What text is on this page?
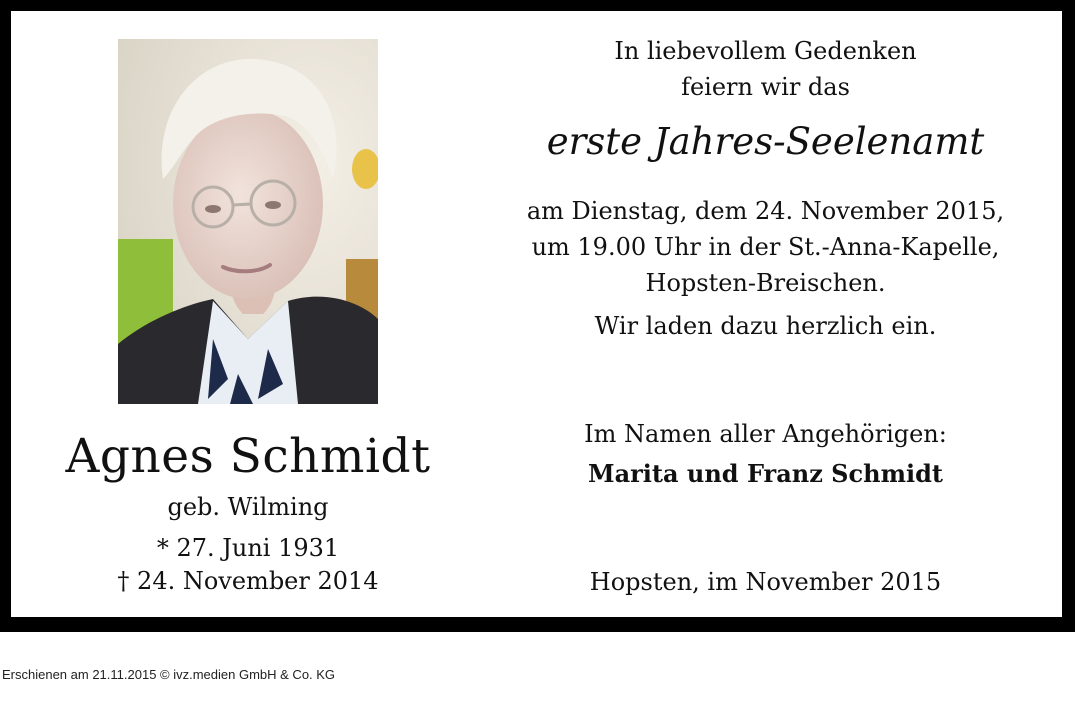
Agnes Schmidt
geb. Wilming
* 27. Juni 1931
† 24. November 2014
In liebevollem Gedenken
feiern wir das
erste Jahres-Seelenamt
am Dienstag, dem 24. November 2015,
um 19.00 Uhr in der St.-Anna-Kapelle,
Hopsten-Breischen.
Wir laden dazu herzlich ein.
Im Namen aller Angehörigen:
Marita und Franz Schmidt
Hopsten, im November 2015
Erschienen am 21.11.2015 © ivz.medien GmbH & Co. KG
